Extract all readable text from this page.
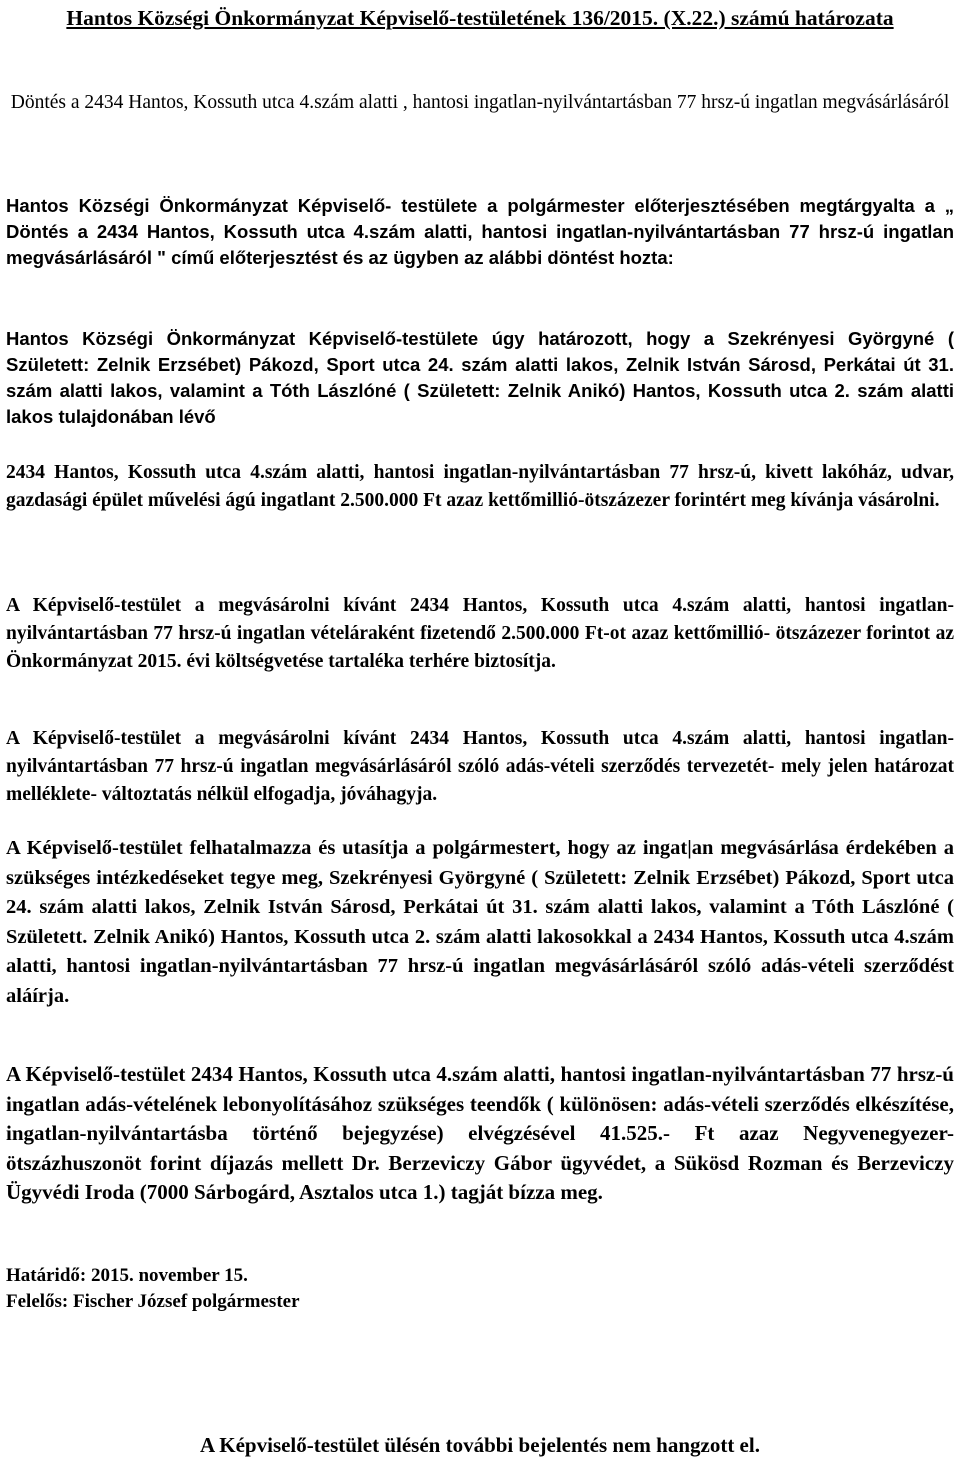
Hantos Községi Önkormányzat Képviselő-testületének 136/2015. (X.22.) számú határozata
Döntés a 2434 Hantos, Kossuth utca 4.szám alatti , hantosi ingatlan-nyilvántartásban 77 hrsz-ú ingatlan megvásárlásáról
Hantos Községi Önkormányzat Képviselő- testülete a polgármester előterjesztésében megtárgyalta a „ Döntés a 2434 Hantos, Kossuth utca 4.szám alatti, hantosi ingatlan-nyilvántartásban 77 hrsz-ú ingatlan megvásárlásáról " című előterjesztést és az ügyben az alábbi döntést hozta:
Hantos Községi Önkormányzat Képviselő-testülete úgy határozott, hogy a Szekrényesi Györgyné ( Született: Zelnik Erzsébet) Pákozd, Sport utca 24. szám alatti lakos, Zelnik István Sárosd, Perkátai út 31. szám alatti lakos, valamint a Tóth Lászlóné ( Született: Zelnik Anikó) Hantos, Kossuth utca 2. szám alatti lakos tulajdonában lévő
2434 Hantos, Kossuth utca 4.szám alatti, hantosi ingatlan-nyilvántartásban 77 hrsz-ú, kivett lakóház, udvar, gazdasági épület művelési ágú ingatlant 2.500.000 Ft azaz kettőmillió-ötszázezer forintért meg kívánja vásárolni.
A Képviselő-testület a megvásárolni kívánt 2434 Hantos, Kossuth utca 4.szám alatti, hantosi ingatlan-nyilvántartásban 77 hrsz-ú ingatlan vételáraként fizetendő 2.500.000 Ft-ot azaz kettőmillió- ötszázezer forintot az Önkormányzat 2015. évi költségvetése tartaléka terhére biztosítja.
A Képviselő-testület a megvásárolni kívánt 2434 Hantos, Kossuth utca 4.szám alatti, hantosi ingatlan-nyilvántartásban 77 hrsz-ú ingatlan megvásárlásáról szóló adás-vételi szerződés tervezetét- mely jelen határozat melléklete- változtatás nélkül elfogadja, jóváhagyja.
A Képviselő-testület felhatalmazza és utasítja a polgármestert, hogy az ingat|an megvásárlása érdekében a szükséges intézkedéseket tegye meg, Szekrényesi Györgyné ( Született: Zelnik Erzsébet) Pákozd, Sport utca 24. szám alatti lakos, Zelnik István Sárosd, Perkátai út 31. szám alatti lakos, valamint a Tóth Lászlóné ( Született. Zelnik Anikó) Hantos, Kossuth utca 2. szám alatti lakosokkal a 2434 Hantos, Kossuth utca 4.szám alatti, hantosi ingatlan-nyilvántartásban 77 hrsz-ú ingatlan megvásárlásáról szóló adás-vételi szerződést aláírja.
A Képviselő-testület 2434 Hantos, Kossuth utca 4.szám alatti, hantosi ingatlan-nyilvántartásban 77 hrsz-ú ingatlan adás-vételének lebonyolításához szükséges teendők ( különösen: adás-vételi szerződés elkészítése, ingatlan-nyilvántartásba történő bejegyzése) elvégzésével 41.525.- Ft azaz Negyvenegyezer-ötszázhuszonöt forint díjazás mellett Dr. Berzeviczy Gábor ügyvédet, a Sükösd Rozman és Berzeviczy Ügyvédi Iroda (7000 Sárbogárd, Asztalos utca 1.) tagját bízza meg.
Határidő: 2015. november 15.
Felelős: Fischer József polgármester
A Képviselő-testület ülésén további bejelentés nem hangzott el.
